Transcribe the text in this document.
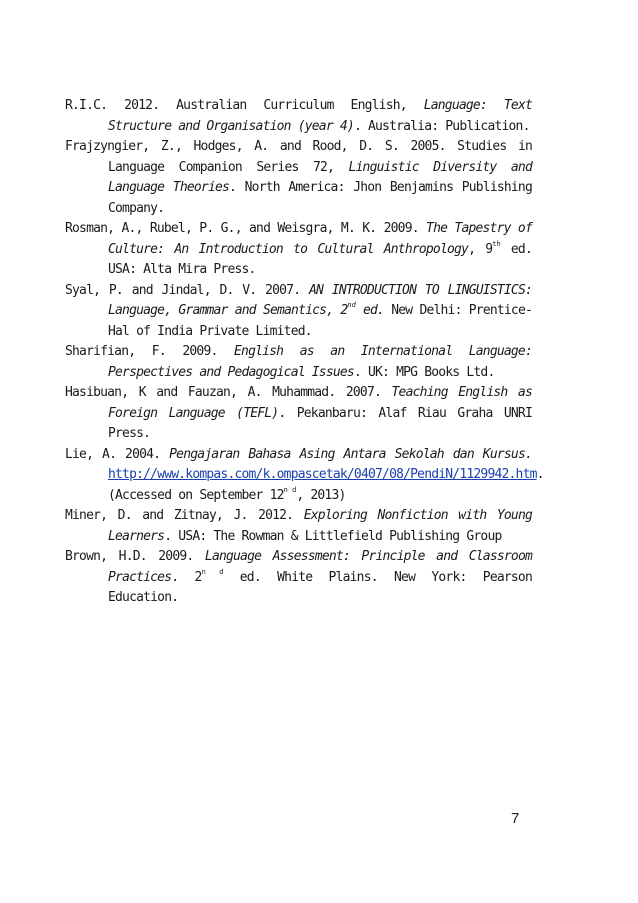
R.I.C. 2012. Australian Curriculum English, Language: Text Structure and Organisation (year 4). Australia: Publication.

Frajzyngier, Z., Hodges, A. and Rood, D. S. 2005. Studies in Language Companion Series 72, Linguistic Diversity and Language Theories. North America: Jhon Benjamins Publishing Company.

Rosman, A., Rubel, P. G., and Weisgra, M. K. 2009. The Tapestry of Culture: An Introduction to Cultural Anthropology, 9th ed. USA: Alta Mira Press.

Syal, P. and Jindal, D. V. 2007. AN INTRODUCTION TO LINGUISTICS: Language, Grammar and Semantics, 2nd ed. New Delhi: Prentice-Hal of India Private Limited.

Sharifian, F. 2009. English as an International Language: Perspectives and Pedagogical Issues. UK: MPG Books Ltd.

Hasibuan, K and Fauzan, A. Muhammad. 2007. Teaching English as Foreign Language (TEFL). Pekanbaru: Alaf Riau Graha UNRI Press.

Lie, A. 2004. Pengajaran Bahasa Asing Antara Sekolah dan Kursus. http://www.kompas.com/k.ompascetak/0407/08/PendiN/1129942.htm. (Accessed on September $12^{n d}$, 2013)

Miner, D. and Zitnay, J. 2012. Exploring Nonfiction with Young Learners. USA: The Rowman & Littlefield Publishing Group

Brown, H.D. 2009. Language Assessment: Principle and Classroom Practices. $2^{n d}$ ed. White Plains. New York: Pearson Education.

7
